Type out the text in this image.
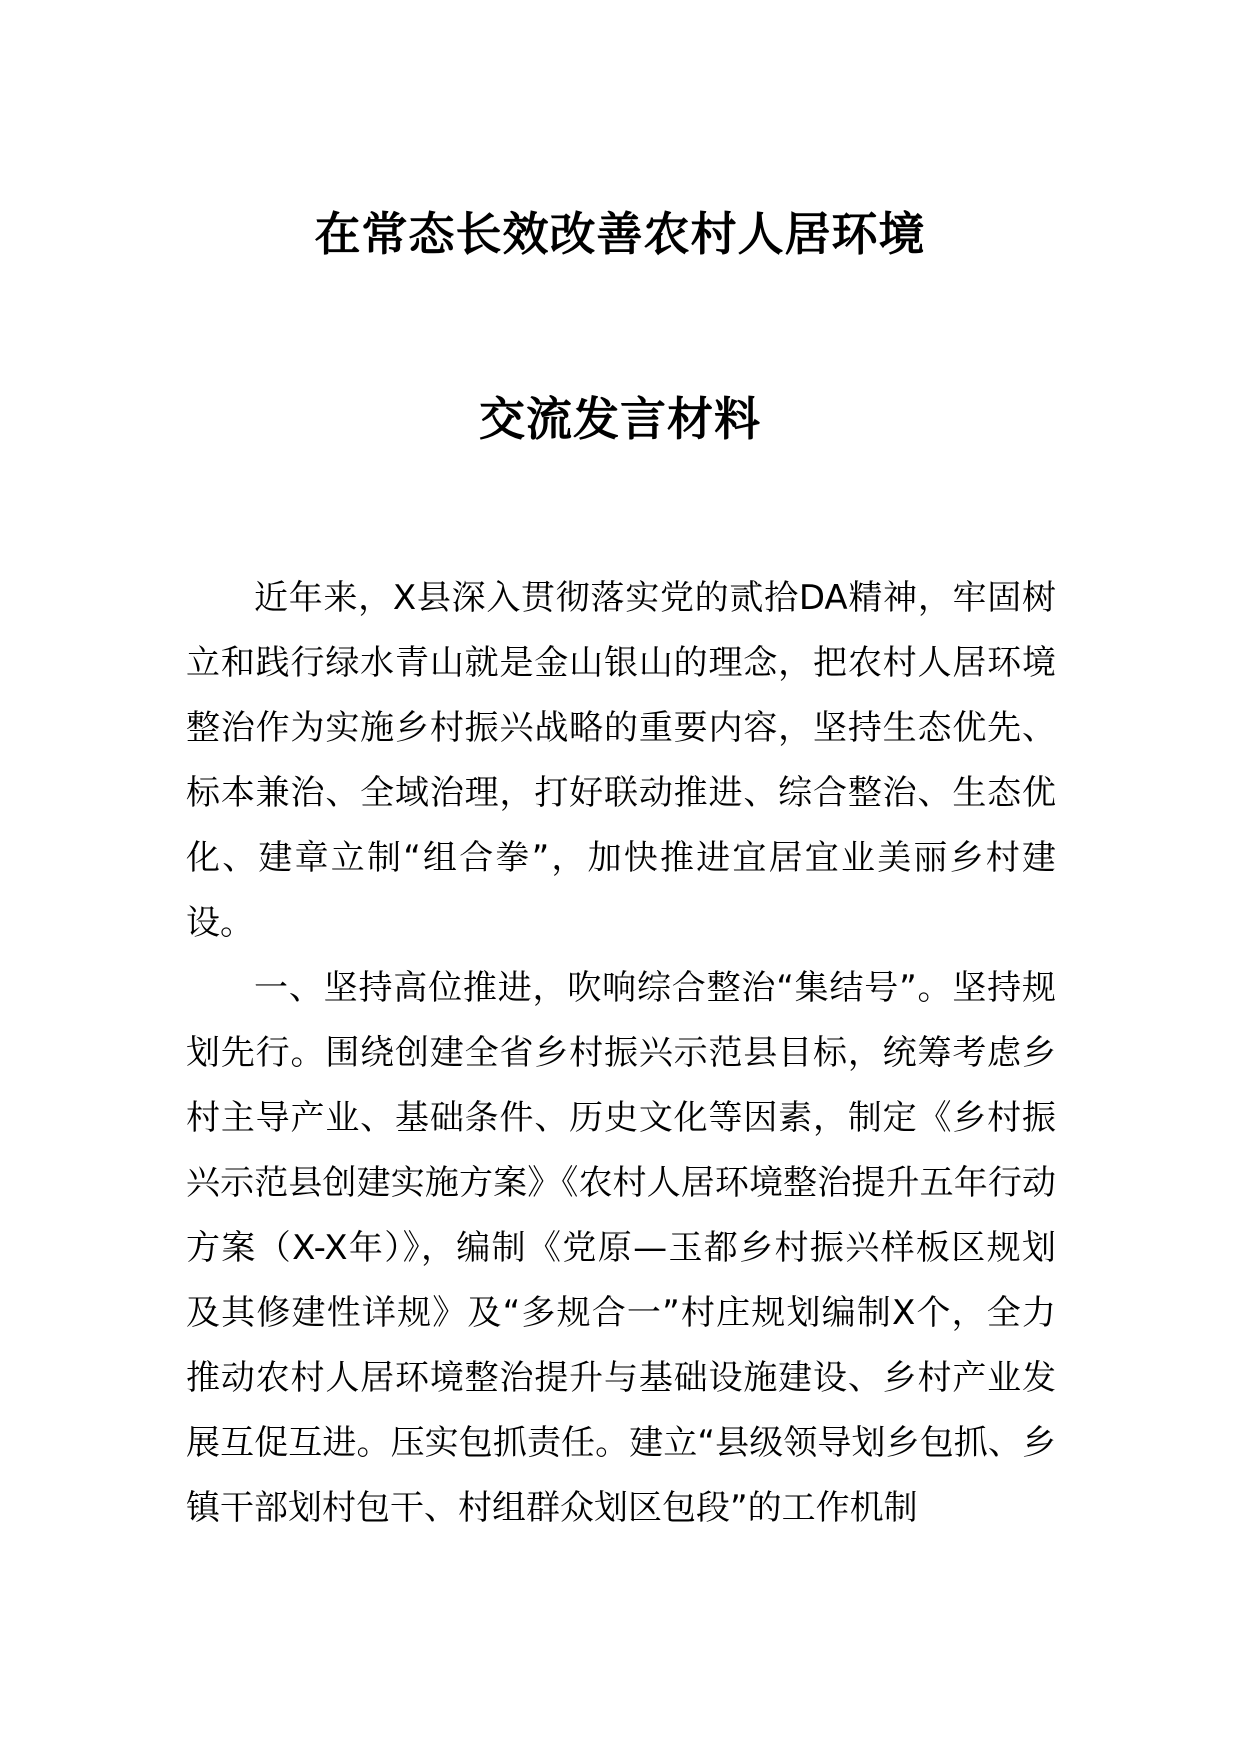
在常态长效改善农村人居环境
交流发言材料

近年来，X县深入贯彻落实党的贰拾DA精神，牢固树立和践行绿水青山就是金山银山的理念，把农村人居环境整治作为实施乡村振兴战略的重要内容，坚持生态优先、标本兼治、全域治理，打好联动推进、综合整治、生态优化、建章立制“组合拳”，加快推进宜居宜业美丽乡村建设。

一、坚持高位推进，吹响综合整治“集结号”。坚持规划先行。围绕创建全省乡村振兴示范县目标，统筹考虑乡村主导产业、基础条件、历史文化等因素，制定《乡村振兴示范县创建实施方案》《农村人居环境整治提升五年行动方案（X-X年）》，编制《党原—玉都乡村振兴样板区规划及其修建性详规》及“多规合一”村庄规划编制X个，全力推动农村人居环境整治提升与基础设施建设、乡村产业发展互促互进。压实包抓责任。建立“县级领导划乡包抓、乡镇干部划村包干、村组群众划区包段”的工作机制
